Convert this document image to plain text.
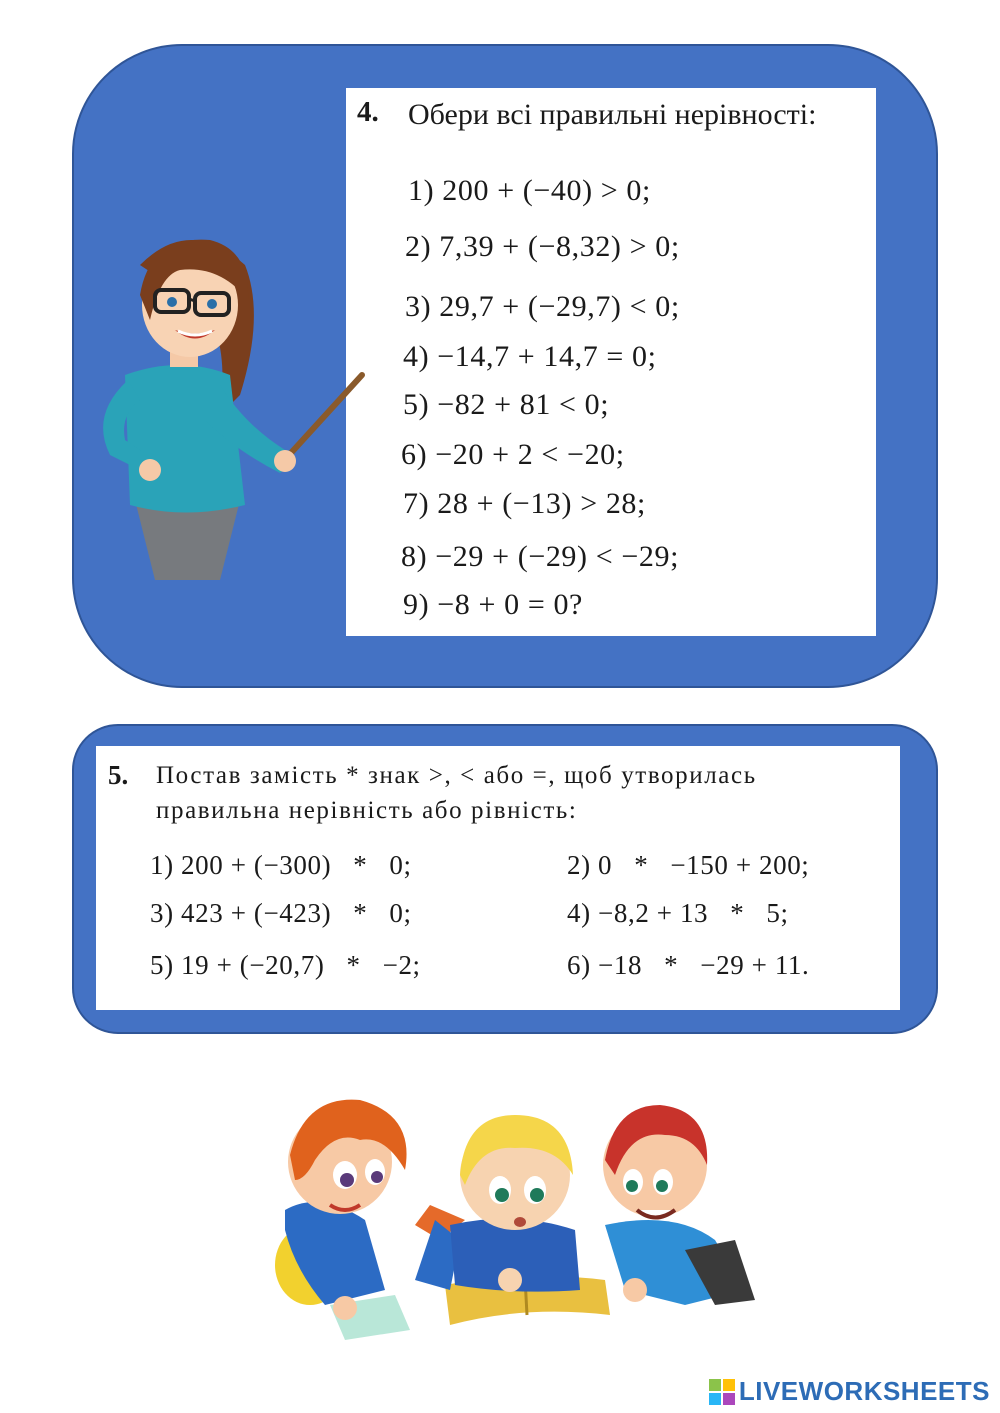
4. Обери всі правильні нерівності:
1) 200 + (−40) > 0;
2) 7,39 + (−8,32) > 0;
3) 29,7 + (−29,7) < 0;
4) −14,7 + 14,7 = 0;
5) −82 + 81 < 0;
6) −20 + 2 < −20;
7) 28 + (−13) > 28;
8) −29 + (−29) < −29;
9) −8 + 0 = 0?
5. Постав замість * знак >, < або =, щоб утворилась
правильна нерівність або рівність:
1) 200 + (−300)   *   0;	2) 0   *   −150 + 200;
3) 423 + (−423)   *   0;	4) −8,2 + 13   *   5;
5) 19 + (−20,7)   *   −2;	6) −18   *   −29 + 11.
LIVEWORKSHEETS
